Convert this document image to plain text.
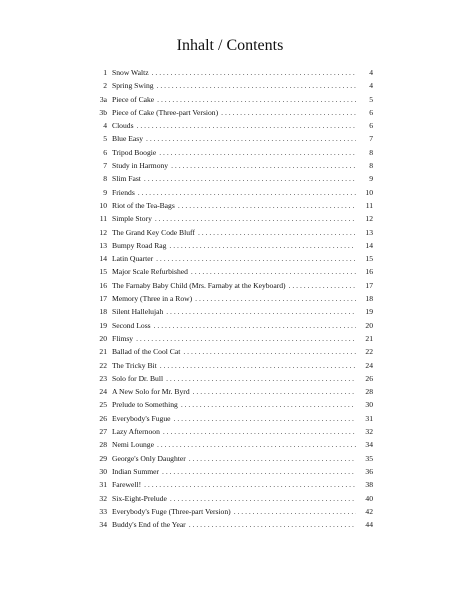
Inhalt / Contents
1 Snow Waltz . . .	4
2 Spring Swing . . .	4
3a Piece of Cake . . .	5
3b Piece of Cake (Three-part Version) . . .	6
4 Clouds . . .	6
5 Blue Easy . . .	7
6 Tripod Boogie . . .	8
7 Study in Harmony . . .	8
8 Slim Fast . . .	9
9 Friends . . .	10
10 Riot of the Tea-Bags . . .	11
11 Simple Story . . .	12
12 The Grand Key Code Bluff . . .	13
13 Bumpy Road Rag . . .	14
14 Latin Quarter . . .	15
15 Major Scale Refurbished . . .	16
16 The Farnaby Baby Child (Mrs. Farnaby at the Keyboard) . . .	17
17 Memory (Three in a Row) . . .	18
18 Silent Hallelujah . . .	19
19 Second Loss . . .	20
20 Flimsy . . .	21
21 Ballad of the Cool Cat . . .	22
22 The Tricky Bit . . .	24
23 Solo for Dr. Bull . . .	26
24 A New Solo for Mr. Byrd . . .	28
25 Prelude to Something . . .	30
26 Everybody's Fugue . . .	31
27 Lazy Afternoon . . .	32
28 Nemi Lounge . . .	34
29 George's Only Daughter . . .	35
30 Indian Summer . . .	36
31 Farewell! . . .	38
32 Six-Eight-Prelude . . .	40
33 Everybody's Fuge (Three-part Version) . . .	42
34 Buddy's End of the Year . . .	44
